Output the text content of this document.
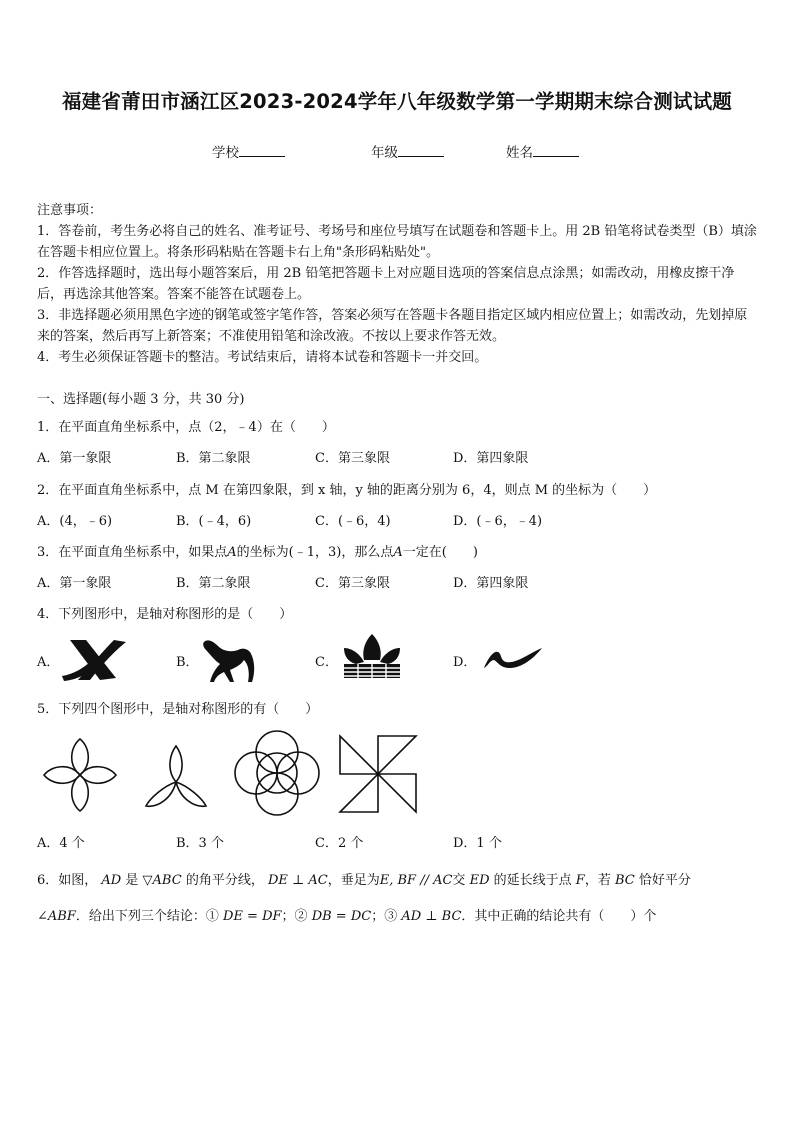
福建省莆田市涵江区2023-2024学年八年级数学第一学期期末综合测试试题
学校	年级	姓名
注意事项：
1．答卷前，考生务必将自己的姓名、准考证号、考场号和座位号填写在试题卷和答题卡上。用 2B 铅笔将试卷类型（B）填涂在答题卡相应位置上。将条形码粘贴在答题卡右上角"条形码粘贴处"。
2．作答选择题时，选出每小题答案后，用 2B 铅笔把答题卡上对应题目选项的答案信息点涂黑；如需改动，用橡皮擦干净后，再选涂其他答案。答案不能答在试题卷上。
3．非选择题必须用黑色字迹的钢笔或签字笔作答，答案必须写在答题卡各题目指定区域内相应位置上；如需改动，先划掉原来的答案，然后再写上新答案；不准使用铅笔和涂改液。不按以上要求作答无效。
4．考生必须保证答题卡的整洁。考试结束后，请将本试卷和答题卡一并交回。
一、选择题(每小题 3 分，共 30 分)
1．在平面直角坐标系中，点（2，﹣4）在（　　）
A．第一象限	B．第二象限	C．第三象限	D．第四象限
2．在平面直角坐标系中，点 M 在第四象限，到 x 轴，y 轴的距离分别为 6，4，则点 M 的坐标为（　　）
A．(4，﹣6)	B．(﹣4，6)	C．(﹣6，4)	D．(﹣6，﹣4)
3．在平面直角坐标系中，如果点A的坐标为(﹣1，3)，那么点A一定在(　　)
A．第一象限	B．第二象限	C．第三象限	D．第四象限
4．下列图形中，是轴对称图形的是（　　）
A．	B．	C．	D．
5．下列四个图形中，是轴对称图形的有（　　）
A．4 个	B．3 个	C．2 个	D．1 个
6．如图， AD 是 ▽ABC 的角平分线， DE ⊥ AC，垂足为E, BF // AC交 ED 的延长线于点 F，若 BC 恰好平分
∠ABF．给出下列三个结论：① DE = DF；② DB = DC；③ AD ⊥ BC．其中正确的结论共有（　　）个
